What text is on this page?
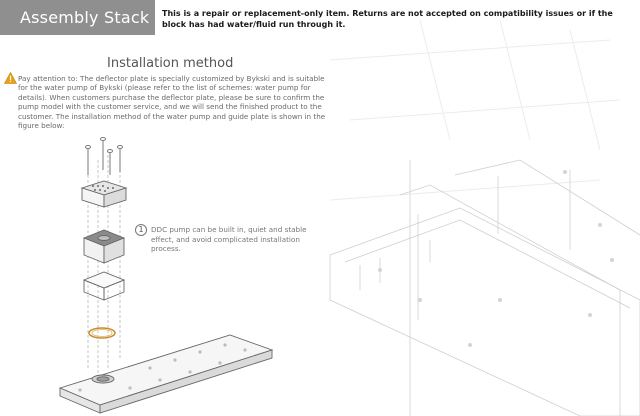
Assembly Stack This is a repair or replacement-only item. Returns are not accepted on compatibility issues or if the block has had water/fluid run through it.
Installation method
Pay attention to: The deflector plate is specially customized by Bykski and is suitable for the water pump of Bykski (please refer to the list of schemes: water pump for details). When customers purchase the deflector plate, please be sure to confirm the pump model with the customer service, and we will send the finished product to the customer. The installation method of the water pump and guide plate is shown in the figure below:
1	DDC pump can be built in, quiet and stable effect, and avoid complicated installation process.
